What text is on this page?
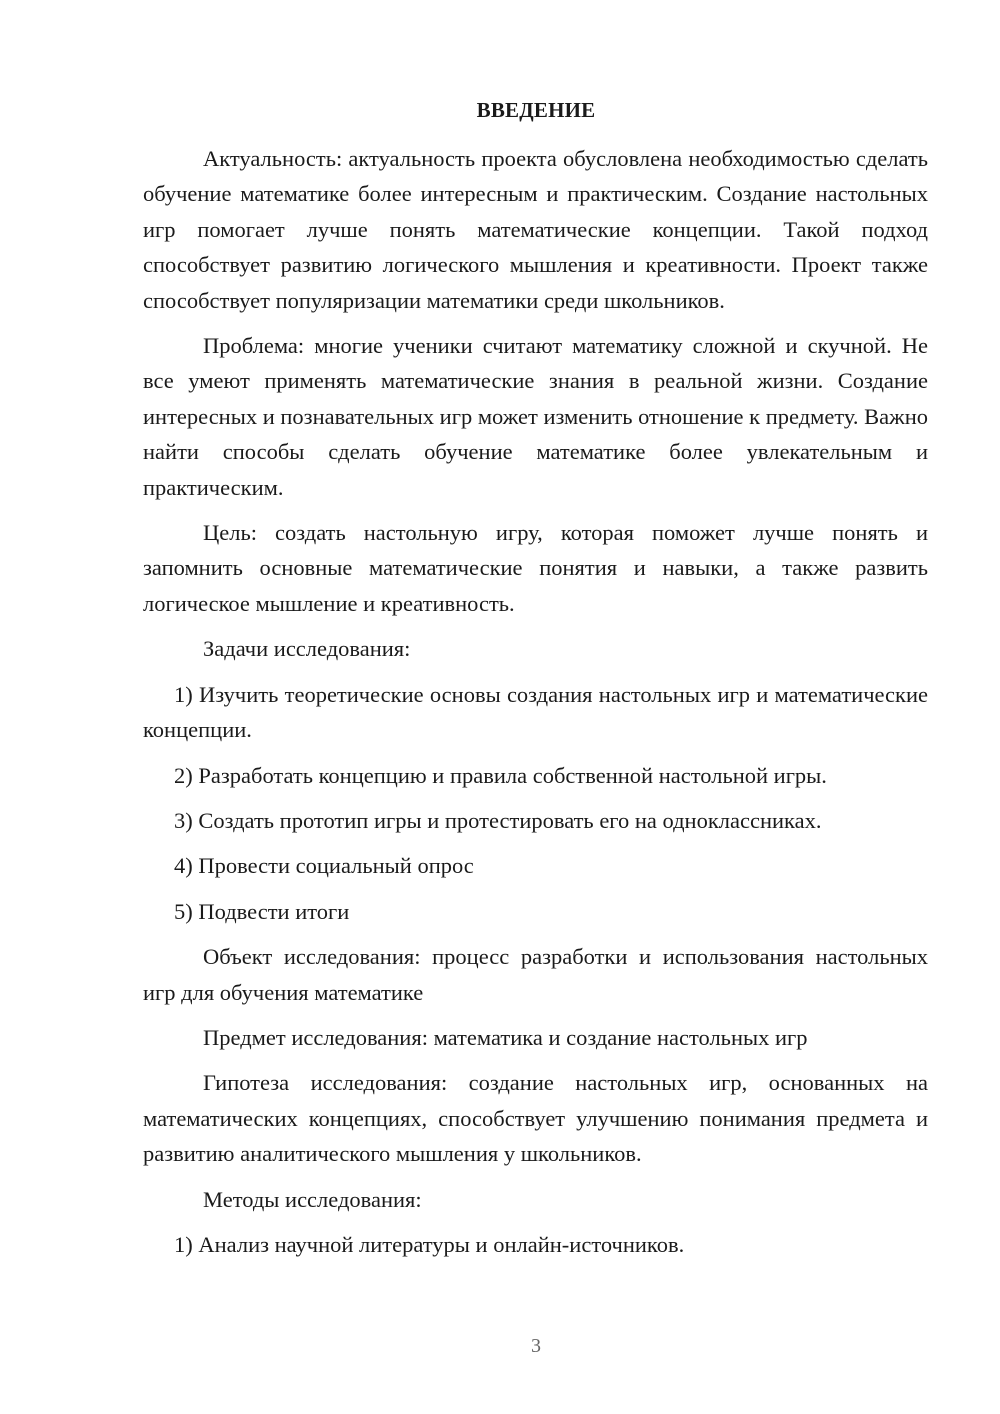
ВВЕДЕНИЕ

Актуальность: актуальность проекта обусловлена необходимостью сделать обучение математике более интересным и практическим. Создание настольных игр помогает лучше понять математические концепции. Такой подход способствует развитию логического мышления и креативности. Проект также способствует популяризации математики среди школьников.

Проблема: многие ученики считают математику сложной и скучной. Не все умеют применять математические знания в реальной жизни. Создание интересных и познавательных игр может изменить отношение к предмету. Важно найти способы сделать обучение математике более увлекательным и практическим.

Цель: создать настольную игру, которая поможет лучше понять и запомнить основные математические понятия и навыки, а также развить логическое мышление и креативность.

Задачи исследования:

1) Изучить теоретические основы создания настольных игр и математические концепции.

2) Разработать концепцию и правила собственной настольной игры.

3) Создать прототип игры и протестировать его на одноклассниках.

4) Провести социальный опрос

5) Подвести итоги

Объект исследования: процесс разработки и использования настольных игр для обучения математике

Предмет исследования: математика и создание настольных игр

Гипотеза исследования: создание настольных игр, основанных на математических концепциях, способствует улучшению понимания предмета и развитию аналитического мышления у школьников.

Методы исследования:

1) Анализ научной литературы и онлайн-источников.

3
